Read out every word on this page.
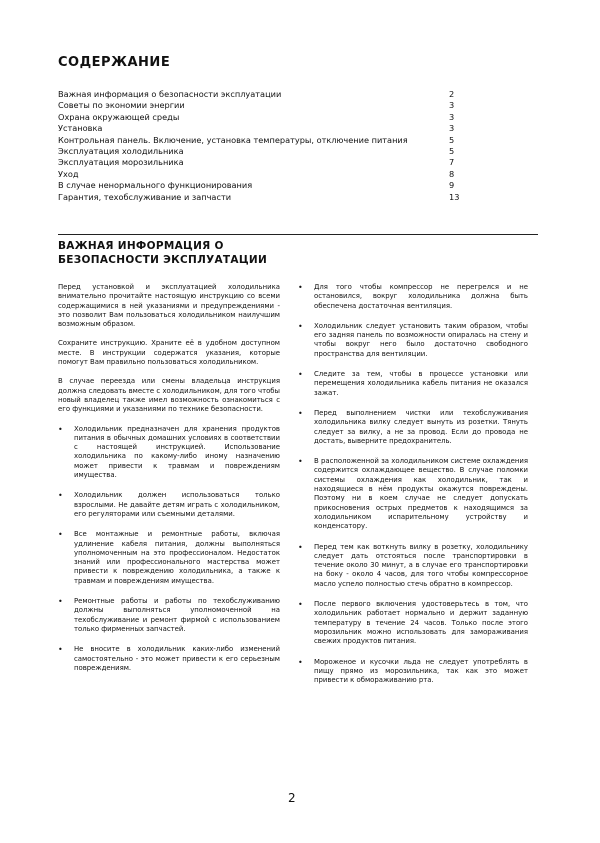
СОДЕРЖАНИЕ
Важная информация о безопасности эксплуатации	2
Советы по экономии энергии	3
Охрана окружающей среды	3
Установка	3
Контрольная панель. Включение, установка температуры, отключение питания	5
Эксплуатация холодильника	5
Эксплуатация морозильника	7
Уход	8
В случае ненормального функционирования	9
Гарантия, техобслуживание и запчасти	13
ВАЖНАЯ ИНФОРМАЦИЯ О
БЕЗОПАСНОСТИ ЭКСПЛУАТАЦИИ

Перед установкой и эксплуатацией холодильника внимательно прочитайте настоящую инструкцию со всеми содержащимися в ней указаниями и предупреждениями - это позволит Вам пользоваться холодильником наилучшим возможным образом.

Сохраните инструкцию. Храните её в удобном доступном месте. В инструкции содержатся указания, которые помогут Вам правильно пользоваться холодильником.

В случае переезда или смены владельца инструкция должна следовать вместе с холодильником, для того чтобы новый владелец также имел возможность ознакомиться с его функциями и указаниями по технике безопасности.

• Холодильник предназначен для хранения продуктов питания в обычных домашних условиях в соответствии с настоящей инструкцией. Использование холодильника по какому-либо иному назначению может привести к травмам и повреждениям имущества.
• Холодильник должен использоваться только взрослыми. Не давайте детям играть с холодильником, его регуляторами или съемными деталями.
• Все монтажные и ремонтные работы, включая удлинение кабеля питания, должны выполняться уполномоченным на это профессионалом. Недостаток знаний или профессионального мастерства может привести к повреждению холодильника, а также к травмам и повреждениям имущества.
• Ремонтные работы и работы по техобслуживанию должны выполняться уполномоченной на техобслуживание и ремонт фирмой с использованием только фирменных запчастей.
• Не вносите в холодильник каких-либо изменений самостоятельно - это может привести к его серьезным повреждениям.
• Для того чтобы компрессор не перегрелся и не остановился, вокруг холодильника должна быть обеспечена достаточная вентиляция.
• Холодильник следует установить таким образом, чтобы его задняя панель по возможности опиралась на стену и чтобы вокруг него было достаточно свободного пространства для вентиляции.
• Следите за тем, чтобы в процессе установки или перемещения холодильника кабель питания не оказался зажат.
• Перед выполнением чистки или техобслуживания холодильника вилку следует вынуть из розетки. Тянуть следует за вилку, а не за провод. Если до провода не достать, выверните предохранитель.
• В расположенной за холодильником системе охлаждения содержится охлаждающее вещество. В случае поломки системы охлаждения как холодильник, так и находящиеся в нём продукты окажутся повреждены. Поэтому ни в коем случае не следует допускать прикосновения острых предметов к находящимся за холодильником испарительному устройству и конденсатору.
• Перед тем как воткнуть вилку в розетку, холодильнику следует дать отстояться после транспортировки в течение около 30 минут, а в случае его транспортировки на боку - около 4 часов, для того чтобы компрессорное масло успело полностью стечь обратно в компрессор.
• После первого включения удостоверьтесь в том, что холодильник работает нормально и держит заданную температуру в течение 24 часов. Только после этого морозильник можно использовать для замораживания свежих продуктов питания.
• Мороженое и кусочки льда не следует употреблять в пищу прямо из морозильника, так как это может привести к обмораживанию рта.
2
